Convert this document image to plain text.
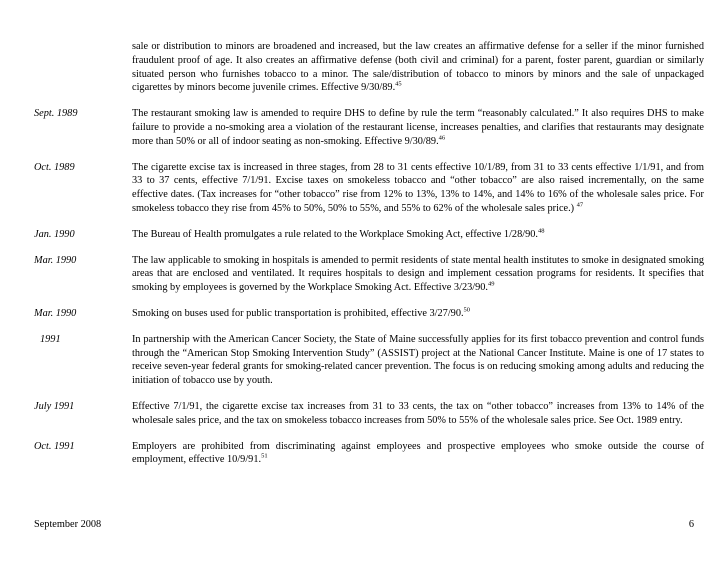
sale or distribution to minors are broadened and increased, but the law creates an affirmative defense for a seller if the minor furnished fraudulent proof of age. It also creates an affirmative defense (both civil and criminal) for a parent, foster parent, guardian or similarly situated person who furnishes tobacco to a minor. The sale/distribution of tobacco to minors by minors and the sale of unpackaged cigarettes by minors become juvenile crimes. Effective 9/30/89.45
Sept. 1989	The restaurant smoking law is amended to require DHS to define by rule the term “reasonably calculated.” It also requires DHS to make failure to provide a no-smoking area a violation of the restaurant license, increases penalties, and clarifies that restaurants may designate more than 50% or all of indoor seating as non-smoking. Effective 9/30/89.46
Oct. 1989	The cigarette excise tax is increased in three stages, from 28 to 31 cents effective 10/1/89, from 31 to 33 cents effective 1/1/91, and from 33 to 37 cents, effective 7/1/91. Excise taxes on smokeless tobacco and “other tobacco” are also raised incrementally, on the same effective dates. (Tax increases for “other tobacco” rise from 12% to 13%, 13% to 14%, and 14% to 16% of the wholesale sales price. For smokeless tobacco they rise from 45% to 50%, 50% to 55%, and 55% to 62% of the wholesale sales price.) $^{47}$
Jan. 1990	The Bureau of Health promulgates a rule related to the Workplace Smoking Act, effective 1/28/90.48
Mar. 1990	The law applicable to smoking in hospitals is amended to permit residents of state mental health institutes to smoke in designated smoking areas that are enclosed and ventilated. It requires hospitals to design and implement cessation programs for residents. It specifies that smoking by employees is governed by the Workplace Smoking Act. Effective 3/23/90.49
Mar. 1990	Smoking on buses used for public transportation is prohibited, effective 3/27/90.50
1991	In partnership with the American Cancer Society, the State of Maine successfully applies for its first tobacco prevention and control funds through the “American Stop Smoking Intervention Study” (ASSIST) project at the National Cancer Institute. Maine is one of 17 states to receive seven-year federal grants for smoking-related cancer prevention. The focus is on reducing smoking among adults and reducing the initiation of tobacco use by youth.
July 1991	Effective 7/1/91, the cigarette excise tax increases from 31 to 33 cents, the tax on “other tobacco” increases from 13% to 14% of the wholesale sales price, and the tax on smokeless tobacco increases from 50% to 55% of the wholesale sales price. See Oct. 1989 entry.
Oct. 1991	Employers are prohibited from discriminating against employees and prospective employees who smoke outside the course of employment, effective 10/9/91.51
September 2008	6
